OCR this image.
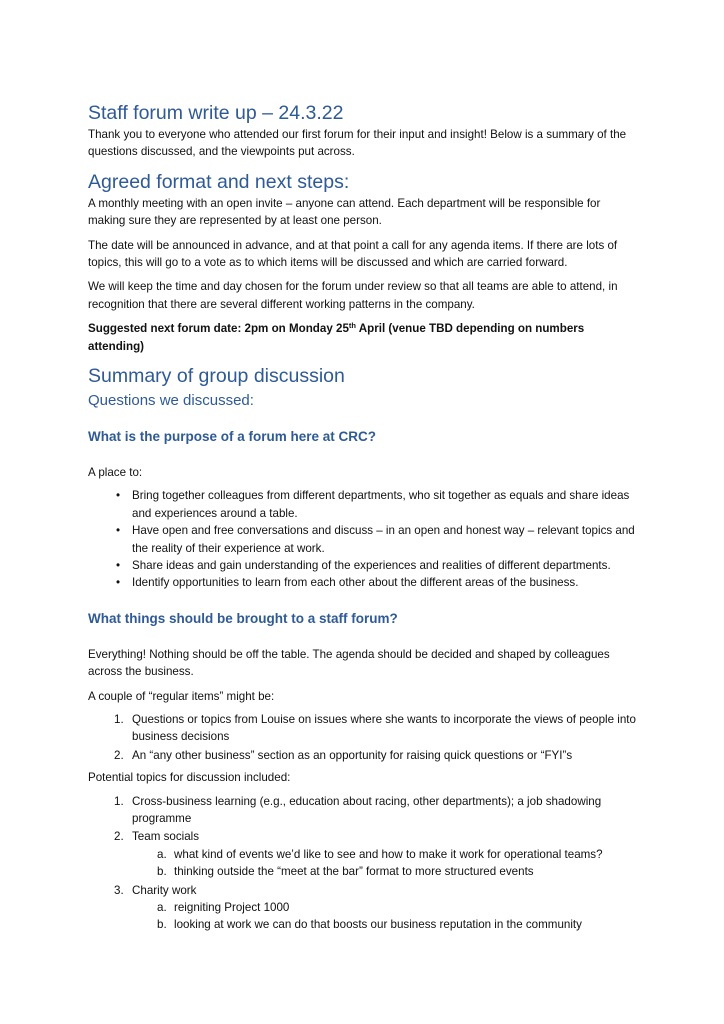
Staff forum write up – 24.3.22

Thank you to everyone who attended our first forum for their input and insight! Below is a summary of the questions discussed, and the viewpoints put across.

Agreed format and next steps:

A monthly meeting with an open invite – anyone can attend. Each department will be responsible for making sure they are represented by at least one person.

The date will be announced in advance, and at that point a call for any agenda items. If there are lots of topics, this will go to a vote as to which items will be discussed and which are carried forward.

We will keep the time and day chosen for the forum under review so that all teams are able to attend, in recognition that there are several different working patterns in the company.

Suggested next forum date: 2pm on Monday 25th April (venue TBD depending on numbers attending)

Summary of group discussion
Questions we discussed:
What is the purpose of a forum here at CRC?

A place to:

• Bring together colleagues from different departments, who sit together as equals and share ideas and experiences around a table.
• Have open and free conversations and discuss – in an open and honest way – relevant topics and the reality of their experience at work.
• Share ideas and gain understanding of the experiences and realities of different departments.
• Identify opportunities to learn from each other about the different areas of the business.
What things should be brought to a staff forum?

Everything! Nothing should be off the table. The agenda should be decided and shaped by colleagues across the business.

A couple of “regular items” might be:

1. Questions or topics from Louise on issues where she wants to incorporate the views of people into business decisions
2. An “any other business” section as an opportunity for raising quick questions or “FYI”s

Potential topics for discussion included:

1. Cross-business learning (e.g., education about racing, other departments); a job shadowing programme
2. Team socials
a. what kind of events we’d like to see and how to make it work for operational teams?
b. thinking outside the “meet at the bar” format to more structured events
3. Charity work
a. reigniting Project 1000
b. looking at work we can do that boosts our business reputation in the community
